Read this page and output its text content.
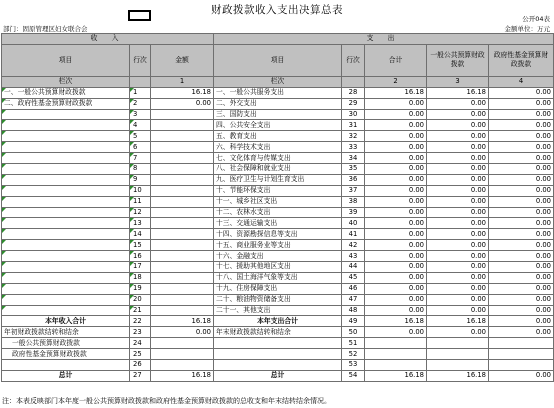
财政拨款收入支出决算总表
公开04表
部门：固原管理区妇女联合会	金额单位：万元
收 入			支 出				
项目	行次	金额	项目	行次	合计	一般公共预算财政拨款	政府性基金预算财政拨款
栏次		1	栏次		2	3	4
一、一般公共预算财政拨款	1	16.18	一、一般公共服务支出	28	16.18	16.18	0.00
二、政府性基金预算财政拨款	2	0.00	二、外交支出	29	0.00	0.00	0.00
	3		三、国防支出	30	0.00	0.00	0.00
	4		四、公共安全支出	31	0.00	0.00	0.00
	5		五、教育支出	32	0.00	0.00	0.00
	6		六、科学技术支出	33	0.00	0.00	0.00
	7		七、文化体育与传媒支出	34	0.00	0.00	0.00
	8		八、社会保障和就业支出	35	0.00	0.00	0.00
	9		九、医疗卫生与计划生育支出	36	0.00	0.00	0.00
	10		十、节能环保支出	37	0.00	0.00	0.00
	11		十一、城乡社区支出	38	0.00	0.00	0.00
	12		十二、农林水支出	39	0.00	0.00	0.00
	13		十三、交通运输支出	40	0.00	0.00	0.00
	14		十四、资源勘探信息等支出	41	0.00	0.00	0.00
	15		十五、商业服务业等支出	42	0.00	0.00	0.00
	16		十六、金融支出	43	0.00	0.00	0.00
	17		十七、援助其他地区支出	44	0.00	0.00	0.00
	18		十八、国土海洋气象等支出	45	0.00	0.00	0.00
	19		十九、住房保障支出	46	0.00	0.00	0.00
	20		二十、粮油物资储备支出	47	0.00	0.00	0.00
	21		二十一、其他支出	48	0.00	0.00	0.00
本年收入合计	22	16.18	本年支出合计	49	16.18	16.18	0.00
年初财政拨款结转和结余	23	0.00	年末财政拨款结转和结余	50	0.00	0.00	0.00
一般公共预算财政拨款	24			51			
政府性基金预算财政拨款	25			52			
	26			53			
总计	27	16.18	总计	54	16.18	16.18	0.00
注：本表反映部门本年度一般公共预算财政拨款和政府性基金预算财政拨款的总收支和年末结转结余情况。
